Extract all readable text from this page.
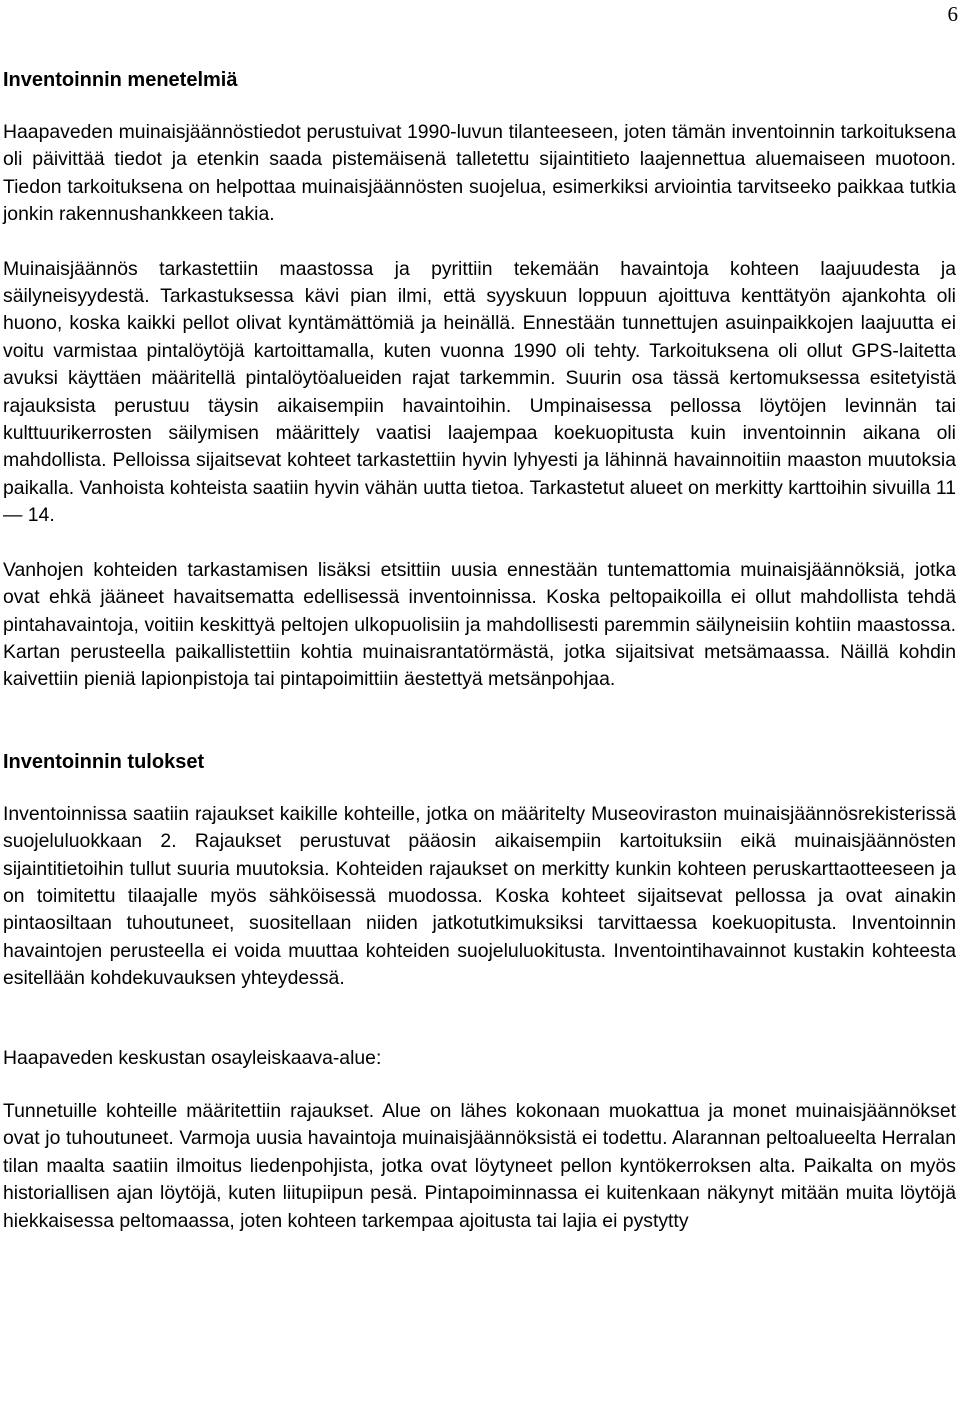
6
Inventoinnin menetelmiä

Haapaveden muinaisjäännöstiedot perustuivat 1990-luvun tilanteeseen, joten tämän inventoinnin tarkoituksena oli päivittää tiedot ja etenkin saada pistemäisenä talletettu sijaintitieto laajennettua aluemaiseen muotoon. Tiedon tarkoituksena on helpottaa muinaisjäännösten suojelua, esimerkiksi arviointia tarvitseeko paikkaa tutkia jonkin rakennushankkeen takia.

Muinaisjäännös tarkastettiin maastossa ja pyrittiin tekemään havaintoja kohteen laajuudesta ja säilyneisyydestä. Tarkastuksessa kävi pian ilmi, että syyskuun loppuun ajoittuva kenttätyön ajankohta oli huono, koska kaikki pellot olivat kyntämättömiä ja heinällä. Ennestään tunnettujen asuinpaikkojen laajuutta ei voitu varmistaa pintalöytöjä kartoittamalla, kuten vuonna 1990 oli tehty. Tarkoituksena oli ollut GPS-laitetta avuksi käyttäen määritellä pintalöytöalueiden rajat tarkemmin. Suurin osa tässä kertomuksessa esitetyistä rajauksista perustuu täysin aikaisempiin havaintoihin. Umpinaisessa pellossa löytöjen levinnän tai kulttuurikerrosten säilymisen määrittely vaatisi laajempaa koekuopitusta kuin inventoinnin aikana oli mahdollista. Pelloissa sijaitsevat kohteet tarkastettiin hyvin lyhyesti ja lähinnä havainnoitiin maaston muutoksia paikalla. Vanhoista kohteista saatiin hyvin vähän uutta tietoa. Tarkastetut alueet on merkitty karttoihin sivuilla 11 — 14.

Vanhojen kohteiden tarkastamisen lisäksi etsittiin uusia ennestään tuntemattomia muinaisjäännöksiä, jotka ovat ehkä jääneet havaitsematta edellisessä inventoinnissa. Koska peltopaikoilla ei ollut mahdollista tehdä pintahavaintoja, voitiin keskittyä peltojen ulkopuolisiin ja mahdollisesti paremmin säilyneisiin kohtiin maastossa. Kartan perusteella paikallistettiin kohtia muinaisrantatörmästä, jotka sijaitsivat metsämaassa. Näillä kohdin kaivettiin pieniä lapionpistoja tai pintapoimittiin äestettyä metsänpohjaa.

Inventoinnin tulokset

Inventoinnissa saatiin rajaukset kaikille kohteille, jotka on määritelty Museoviraston muinaisjäännösrekisterissä suojeluluokkaan 2. Rajaukset perustuvat pääosin aikaisempiin kartoituksiin eikä muinaisjäännösten sijaintitietoihin tullut suuria muutoksia. Kohteiden rajaukset on merkitty kunkin kohteen peruskarttaotteeseen ja on toimitettu tilaajalle myös sähköisessä muodossa. Koska kohteet sijaitsevat pellossa ja ovat ainakin pintaosiltaan tuhoutuneet, suositellaan niiden jatkotutkimuksiksi tarvittaessa koekuopitusta. Inventoinnin havaintojen perusteella ei voida muuttaa kohteiden suojeluluokitusta. Inventointihavainnot kustakin kohteesta esitellään kohdekuvauksen yhteydessä.

Haapaveden keskustan osayleiskaava-alue:

Tunnetuille kohteille määritettiin rajaukset. Alue on lähes kokonaan muokattua ja monet muinaisjäännökset ovat jo tuhoutuneet. Varmoja uusia havaintoja muinaisjäännöksistä ei todettu. Alarannan peltoalueelta Herralan tilan maalta saatiin ilmoitus liedenpohjista, jotka ovat löytyneet pellon kyntökerroksen alta. Paikalta on myös historiallisen ajan löytöjä, kuten liitupiipun pesä. Pintapoiminnassa ei kuitenkaan näkynyt mitään muita löytöjä hiekkaisessa peltomaassa, joten kohteen tarkempaa ajoitusta tai lajia ei pystytty
